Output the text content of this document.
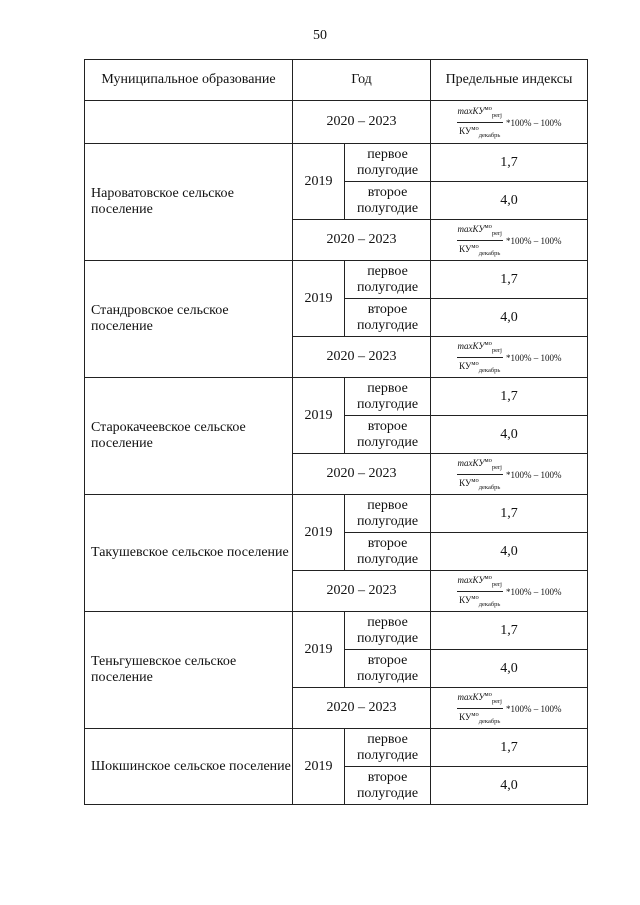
50
Муниципальное образование	Год		Предельные индексы
	2020 – 2023		$\frac{\max КУ^{мо}_{реrj}}{КУ^{мо}_{декабрь}} *100\% - 100\%$

Нароватовское сельское поселение	2019	первое полугодие	1,7
		второе полугодие	4,0
	2020 – 2023		$\frac{\max КУ^{мо}_{реrj}}{КУ^{мо}_{декабрь}} *100\% - 100\%$

Стандровское сельское поселение	2019	первое полугодие	1,7
		второе полугодие	4,0
	2020 – 2023		$\frac{\max КУ^{мо}_{реrj}}{КУ^{мо}_{декабрь}} *100\% - 100\%$

Старокачеевское сельское поселение	2019	первое полугодие	1,7
		второе полугодие	4,0
	2020 – 2023		$\frac{\max КУ^{мо}_{реrj}}{КУ^{мо}_{декабрь}} *100\% - 100\%$

Такушевское сельское поселение	2019	первое полугодие	1,7
		второе полугодие	4,0
	2020 – 2023		$\frac{\max КУ^{мо}_{реrj}}{КУ^{мо}_{декабрь}} *100\% - 100\%$

Теньгушевское сельское поселение	2019	первое полугодие	1,7
		второе полугодие	4,0
	2020 – 2023		$\frac{\max КУ^{мо}_{реrj}}{КУ^{мо}_{декабрь}} *100\% - 100\%$

Шокшинское сельское поселение	2019	первое полугодие	1,7
		второе полугодие	4,0
